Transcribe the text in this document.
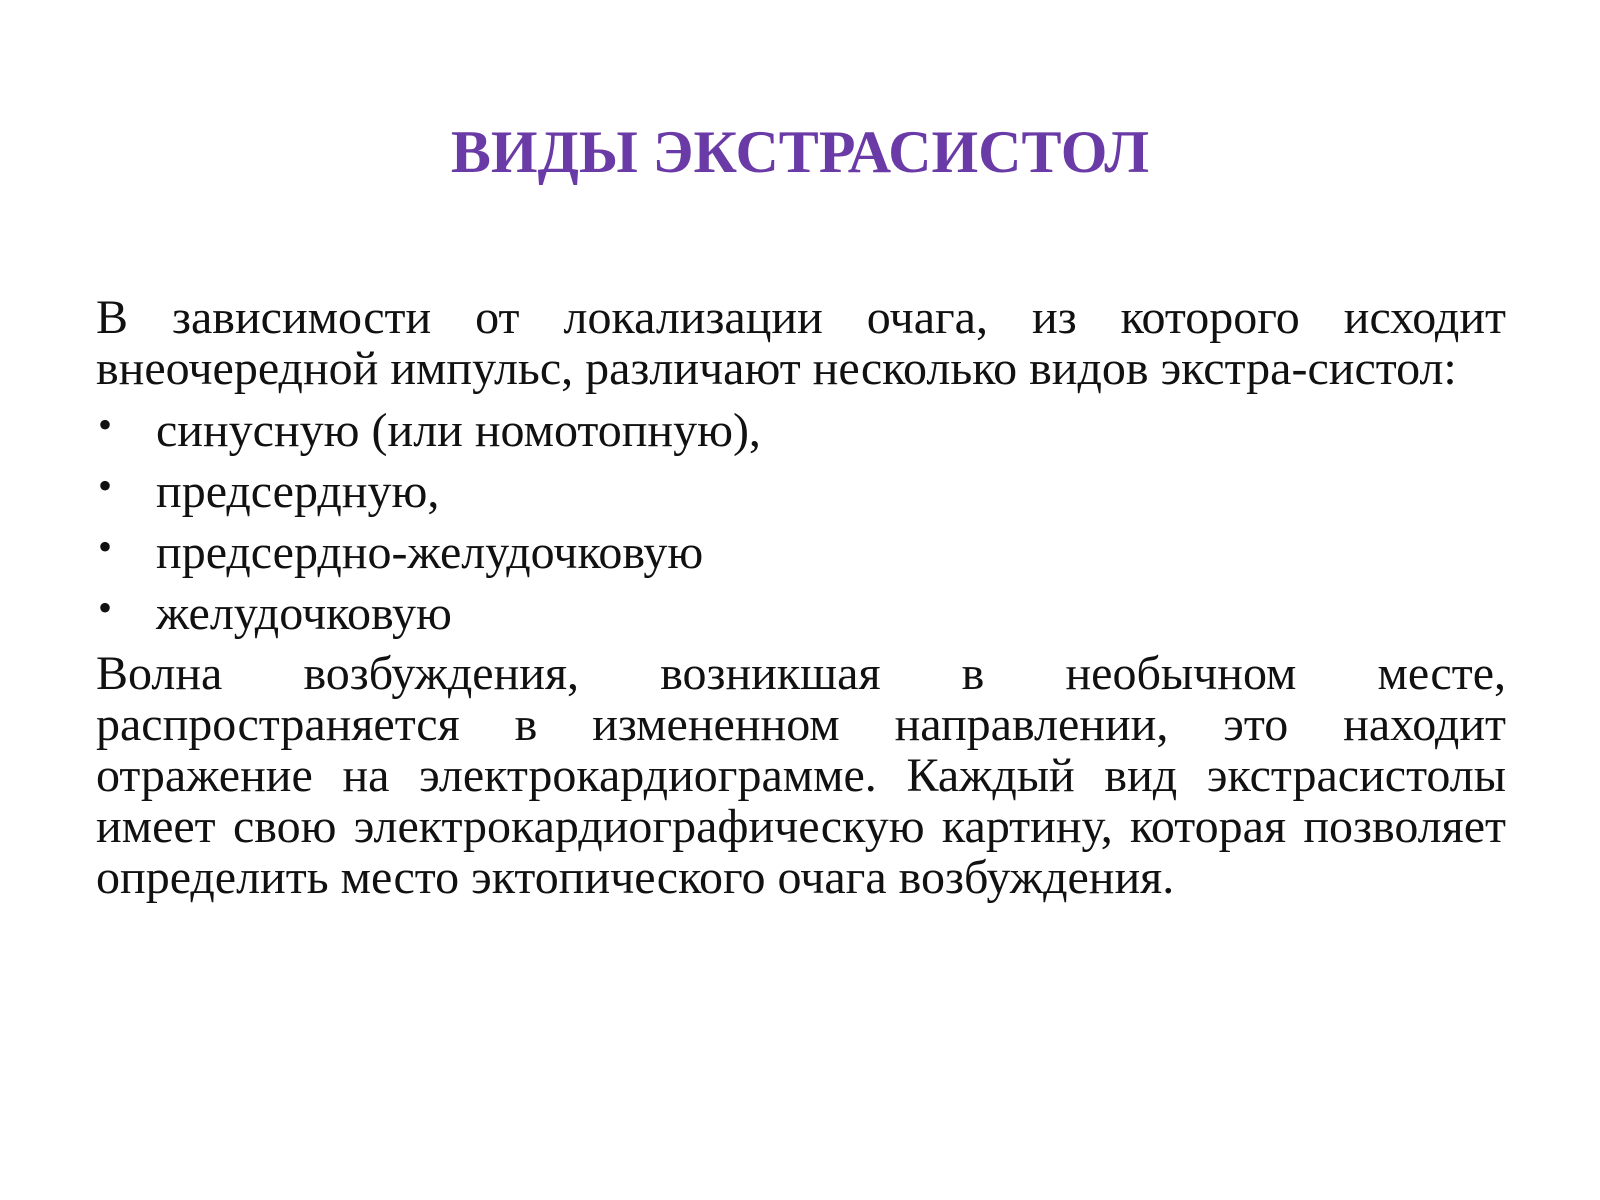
ВИДЫ ЭКСТРАСИСТОЛ

В зависимости от локализации очага, из которого исходит внеочередной импульс, различают несколько видов экстра-систол:

• синусную (или номотопную),
• предсердную,
• предсердно-желудочковую
• желудочковую

Волна возбуждения, возникшая в необычном месте, распространяется в измененном направлении, это находит отражение на электрокардиограмме. Каждый вид экстрасистолы имеет свою электрокардиографическую картину, которая позволяет определить место эктопического очага возбуждения.
